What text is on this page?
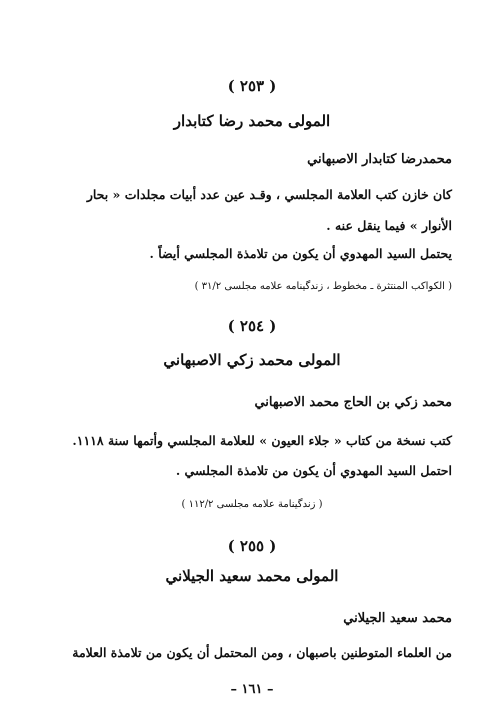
( ٢٥٣ )
المولى محمد رضا كتابدار
محمدرضا كتابدار الاصبهاني
كان خازن كتب العلامة المجلسي ، وقـد عين عدد أبيات مجلدات « بحار
الأنوار » فيما ينقل عنه .
يحتمل السيد المهدوي أن يكون من تلامذة المجلسي أيضاً .
( الكواكب المنتثرة ـ مخطوط ، زندگينامه علامه مجلسى ٣١/٢ )
( ٢٥٤ )
المولى محمد زكي الاصبهاني
محمد زكي بن الحاج محمد الاصبهاني
كتب نسخة من كتاب « جلاء العيون » للعلامة المجلسي وأتمها سنة ١١١٨.
احتمل السيد المهدوي أن يكون من تلامذة المجلسي .
( زندگينامة علامه مجلسى ١١٢/٢ )
( ٢٥٥ )
المولى محمد سعيد الجيلاني
محمد سعيد الجيلاني
من العلماء المتوطنين باصبهان ، ومن المحتمل أن يكون من تلامذة العلامة
– ١٦١ –
